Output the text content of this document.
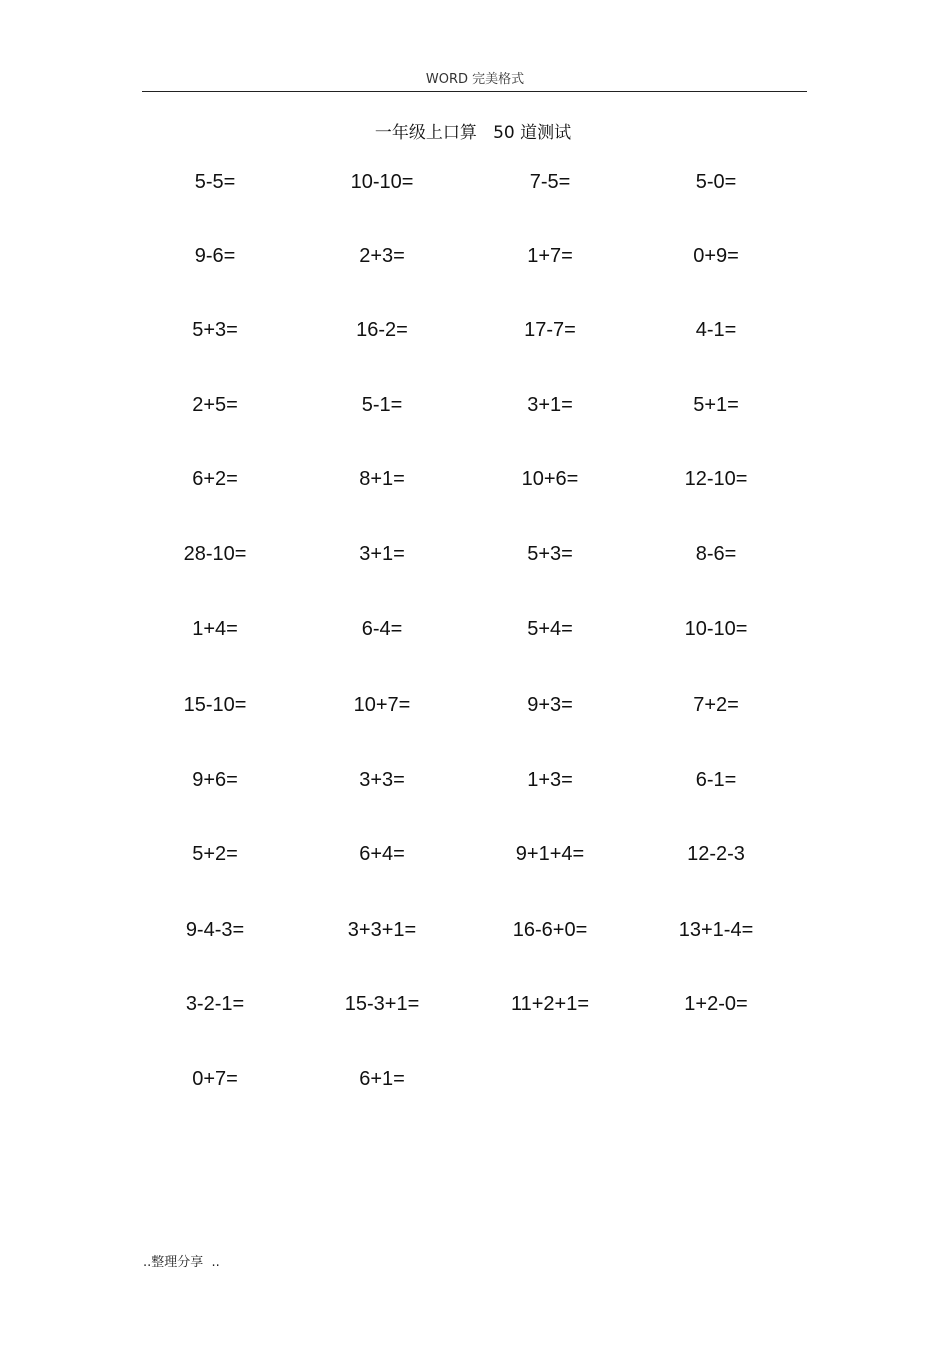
WORD 完美格式
一年级上口算   50 道测试
5-5=	10-10=	7-5=	5-0=
9-6=	2+3=	1+7=	0+9=
5+3=	16-2=	17-7=	4-1=
2+5=	5-1=	3+1=	5+1=
6+2=	8+1=	10+6=	12-10=
28-10=	3+1=	5+3=	8-6=
1+4=	6-4=	5+4=	10-10=
15-10=	10+7=	9+3=	7+2=
9+6=	3+3=	1+3=	6-1=
5+2=	6+4=	9+1+4=	12-2-3
9-4-3=	3+3+1=	16-6+0=	13+1-4=
3-2-1=	15-3+1=	11+2+1=	1+2-0=
0+7=	6+1=
..整理分享  ..
